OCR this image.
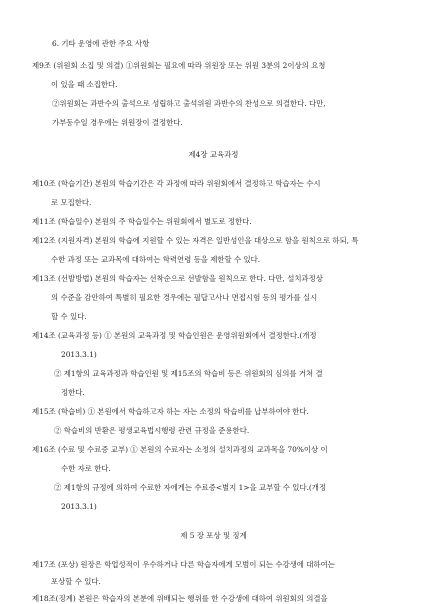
6. 기타 운영에 관한 주요 사항
제9조 (위원회 소집 및 의결) ①위원회는 필요에 따라 위원장 또는 위원 3분의 2이상의 요청
이 있을 때 소집한다.
②위원회는 과반수의 출석으로 성립하고 출석위원 과반수의 찬성으로 의결한다. 다만,
가부동수일 경우에는 위원장이 결정한다.
제4장 교육과정
제10조 (학습기간) 본원의 학습기간은 각 과정에 따라 위원회에서 결정하고 학습자는 수시
로 모집한다.
제11조 (학습일수) 본원의 주 학습일수는 위원회에서 별도로 정한다.
제12조 (지원자격) 본원의 학습에 지원할 수 있는 자격은 일반성인을 대상으로 함을 원칙으로 하되, 특
수한 과정 또는 교과목에 대하여는 학력연령 등을 제한할 수 있다.
제13조 (선발방법) 본원의 학습자는 선착순으로 선발함을 원칙으로 한다. 다만, 설치과정상
의 수준을 감안하여 특별히 필요한 경우에는 필답고사나 면접시험 등의 평가를 실시
할 수 있다.
제14조 (교육과정 등) ① 본원의 교육과정 및 학습인원은 운영위원회에서 결정한다.(개정
2013.3.1)
② 제1항의 교육과정과 학습인원 및 제15조의 학습비 등은 위원회의 심의를 거쳐 결
정한다.
제15조 (학습비) ① 본원에서 학습하고자 하는 자는 소정의 학습비를 납부하여야 한다.
② 학습비의 반환은 평생교육법시행령 관련 규정을 준용한다.
제16조 (수료 및 수료증 교부) ① 본원의 수료자는 소정의 설치과정의 교과목을 70%이상 이
수한 자로 한다.
② 제1항의 규정에 의하여 수료한 자에게는 수료증<별지 1>을 교부할 수 있다.(개정
2013.3.1)
제 5 장 포상 및 징계
제17조 (포상) 원장은 학업성적이 우수하거나 다른 학습자에게 모범이 되는 수강생에 대하여는
포상할 수 있다.
제18조(징계) 본원은 학습자의 본분에 위배되는 행위를 한 수강생에 대하여 위원회의 의결을
